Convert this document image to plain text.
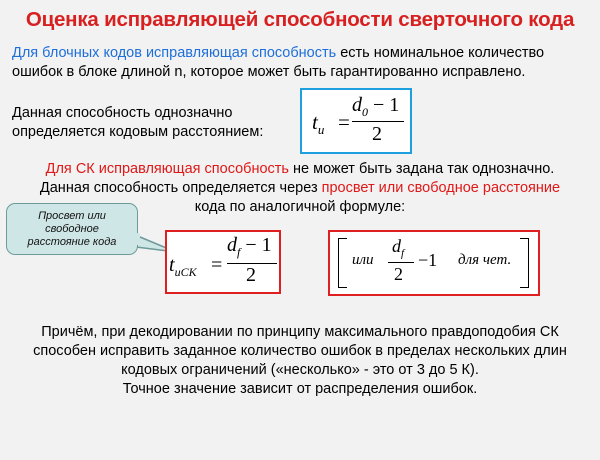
Оценка исправляющей способности сверточного кода
Для блочных кодов исправляющая способность есть номинальное количество
ошибок в блоке длиной n, которое может быть гарантированно исправлено.
Данная способность однозначно
определяется кодовым расстоянием: $t_и$ =
$d_0 - 1$
2
Для СК исправляющая способность не может быть задана так однозначно.
Данная способность определяется через просвет или свободное расстояние
кода по аналогичной формуле:
Просвет или
свободное
расстояние кода
$t_{иСК}$ =
$d_f - 1$
2
или
$d_f$
2
−1 для чет.
Причём, при декодировании по принципу максимального правдоподобия СК
способен исправить заданное количество ошибок в пределах нескольких длин
кодовых ограничений («несколько» - это от 3 до 5 К).
Точное значение зависит от распределения ошибок.
